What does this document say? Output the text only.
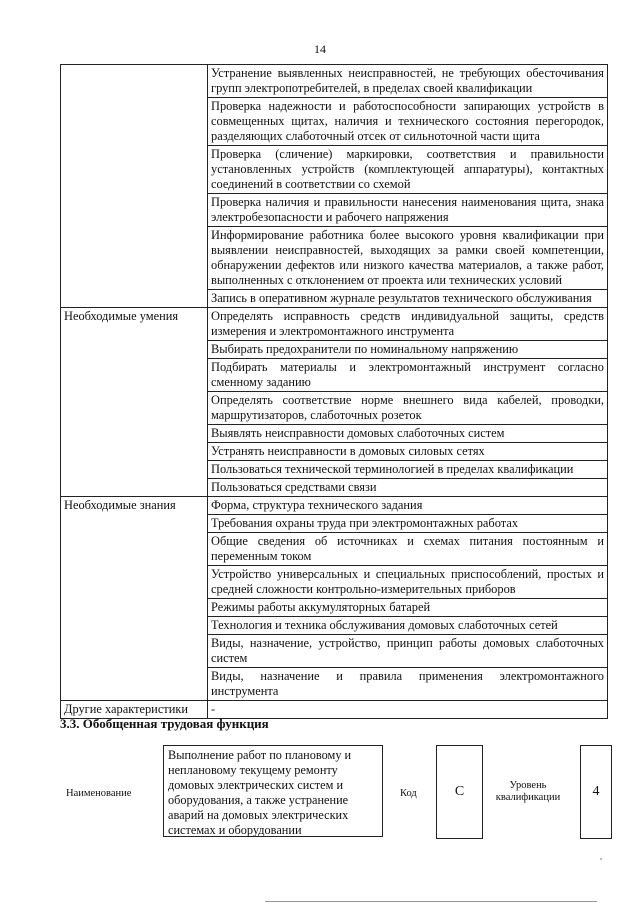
14
	Устранение выявленных неисправностей, не требующих обесточивания групп электропотребителей, в пределах своей квалификации
	Проверка надежности и работоспособности запирающих устройств в совмещенных щитах, наличия и технического состояния перегородок, разделяющих слаботочный отсек от сильноточной части щита
	Проверка (сличение) маркировки, соответствия и правильности установленных устройств (комплектующей аппаратуры), контактных соединений в соответствии со схемой
	Проверка наличия и правильности нанесения наименования щита, знака электробезопасности и рабочего напряжения
	Информирование работника более высокого уровня квалификации при выявлении неисправностей, выходящих за рамки своей компетенции, обнаружении дефектов или низкого качества материалов, а также работ, выполненных с отклонением от проекта или технических условий
	Запись в оперативном журнале результатов технического обслуживания
Необходимые умения	Определять исправность средств индивидуальной защиты, средств измерения и электромонтажного инструмента
	Выбирать предохранители по номинальному напряжению
	Подбирать материалы и электромонтажный инструмент согласно сменному заданию
	Определять соответствие норме внешнего вида кабелей, проводки, маршрутизаторов, слаботочных розеток
	Выявлять неисправности домовых слаботочных систем
	Устранять неисправности в домовых силовых сетях
	Пользоваться технической терминологией в пределах квалификации
	Пользоваться средствами связи
Необходимые знания	Форма, структура технического задания
	Требования охраны труда при электромонтажных работах
	Общие сведения об источниках и схемах питания постоянным и переменным током
	Устройство универсальных и специальных приспособлений, простых и средней сложности контрольно-измерительных приборов
	Режимы работы аккумуляторных батарей
	Технология и техника обслуживания домовых слаботочных сетей
	Виды, назначение, устройство, принцип работы домовых слаботочных систем
	Виды, назначение и правила применения электромонтажного инструмента
Другие характеристики	-
3.3. Обобщенная трудовая функция
Наименование
Выполнение работ по плановому и неплановому текущему ремонту домовых электрических систем и оборудования, а также устранение аварий на домовых электрических системах и оборудовании
Код	C	Уровень квалификации	4
